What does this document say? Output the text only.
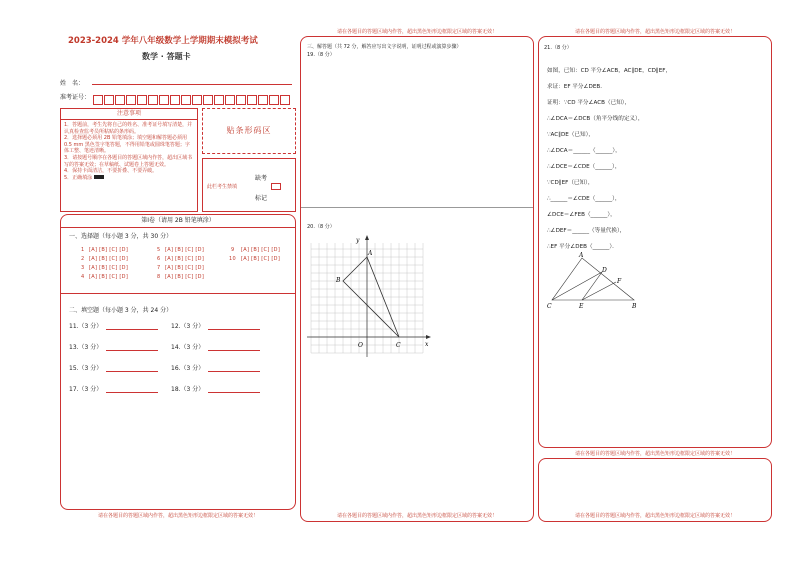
2023-2024 学年八年级数学上学期期末模拟考试
数学 · 答题卡
姓　名：
准考证号：
注意事项
1．答题前，考生先将自己的姓名、准考证号填写清楚，并认真检查监考员所粘贴的条形码。
2．选择题必须用 2B 铅笔填涂；填空题和解答题必须用 0.5 mm 黑色签字笔答题，不得用铅笔或圆珠笔答题；字体工整、笔迹清晰。
3．请按题号顺序在各题目的答题区域内作答，超出区域书写的答案无效；在草稿纸、试题卷上答题无效。
4．保持卡面清洁，不要折叠、不要弄破。
5．正确填涂
贴条形码区
缺考
此栏考生禁填
标记
第Ⅰ卷（请用 2B 铅笔填涂）
一、选择题（每小题 3 分，共 30 分）
1 [A] [B] [C] [D]	5 [A] [B] [C] [D]	9 [A] [B] [C] [D]
2 [A] [B] [C] [D]	6 [A] [B] [C] [D]	10 [A] [B] [C] [D]
3 [A] [B] [C] [D]	7 [A] [B] [C] [D]
4 [A] [B] [C] [D]	8 [A] [B] [C] [D]
二、填空题（每小题 3 分，共 24 分）
11.（3 分）	12.（3 分）
13.（3 分）	14.（3 分）
15.（3 分）	16.（3 分）
17.（3 分）	18.（3 分）
请在各题目的答题区域内作答，超出黑色矩形边框限定区域的答案无效！
请在各题目的答题区域内作答，超出黑色矩形边框限定区域的答案无效！
三、解答题（共 72 分，解答应写出文字说明，证明过程或演算步骤）
19.（8 分）
20.（8 分）
y
x
O
A
B
C
请在各题目的答题区域内作答，超出黑色矩形边框限定区域的答案无效！
请在各题目的答题区域内作答，超出黑色矩形边框限定区域的答案无效！
21.（8 分）
如图，已知：CD 平分∠ACB，AC∥DE，CD∥EF，
求证：EF 平分∠DEB．
证明：∵CD 平分∠ACB（已知），
∴∠DCA＝∠DCB（角平分线的定义），
∵AC∥DE（已知），
∴∠DCA＝______（______），
∴∠DCE＝∠CDE（______），
∵CD∥EF（已知），
∴______＝∠CDE（______），
∠DCE＝∠FEB（______），
∴∠DEF＝______（等量代换），
∴EF 平分∠DEB（______）．
A
D
F
C	E	B
请在各题目的答题区域内作答，超出黑色矩形边框限定区域的答案无效！
请在各题目的答题区域内作答，超出黑色矩形边框限定区域的答案无效！
